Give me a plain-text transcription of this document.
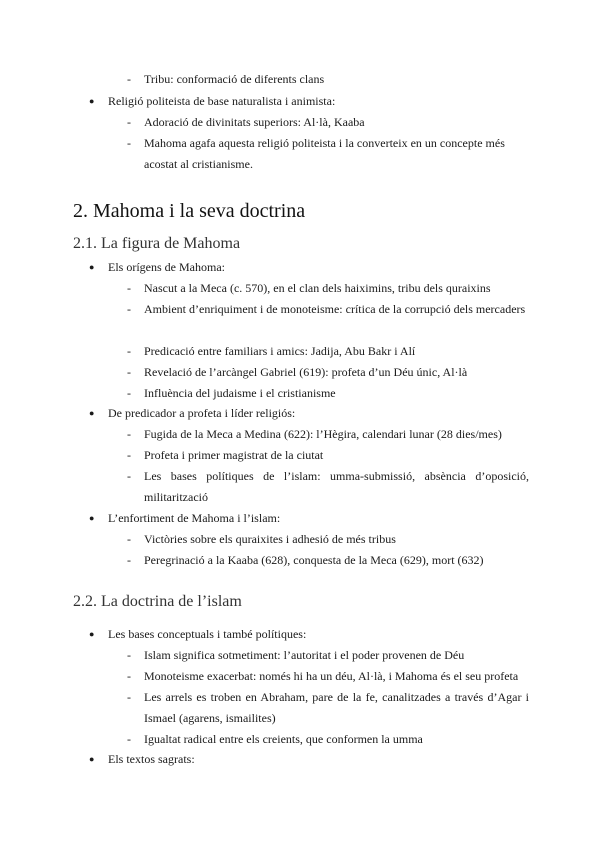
- Tribu: conformació de diferents clans
● Religió politeista de base naturalista i animista:
- Adoració de divinitats superiors: Al·là, Kaaba
- Mahoma agafa aquesta religió politeista i la converteix en un concepte més acostat al cristianisme.
2. Mahoma i la seva doctrina
2.1. La figura de Mahoma
● Els orígens de Mahoma:
- Nascut a la Meca (c. 570), en el clan dels haiximins, tribu dels quraixins
- Ambient d’enriquiment i de monoteisme: crítica de la corrupció dels mercaders
- Predicació entre familiars i amics: Jadija, Abu Bakr i Alí
- Revelació de l’arcàngel Gabriel (619): profeta d’un Déu únic, Al·là
- Influència del judaisme i el cristianisme
● De predicador a profeta i líder religiós:
- Fugida de la Meca a Medina (622): l’Hègira, calendari lunar (28 dies/mes)
- Profeta i primer magistrat de la ciutat
- Les bases polítiques de l’islam: umma-submissió, absència d’oposició, militarització
● L’enfortiment de Mahoma i l’islam:
- Victòries sobre els quraixites i adhesió de més tribus
- Peregrinació a la Kaaba (628), conquesta de la Meca (629), mort (632)
2.2. La doctrina de l’islam
● Les bases conceptuals i també polítiques:
- Islam significa sotmetiment: l’autoritat i el poder provenen de Déu
- Monoteisme exacerbat: només hi ha un déu, Al·là, i Mahoma és el seu profeta
- Les arrels es troben en Abraham, pare de la fe, canalitzades a través d’Agar i Ismael (agarens, ismailites)
- Igualtat radical entre els creients, que conformen la umma
● Els textos sagrats:
